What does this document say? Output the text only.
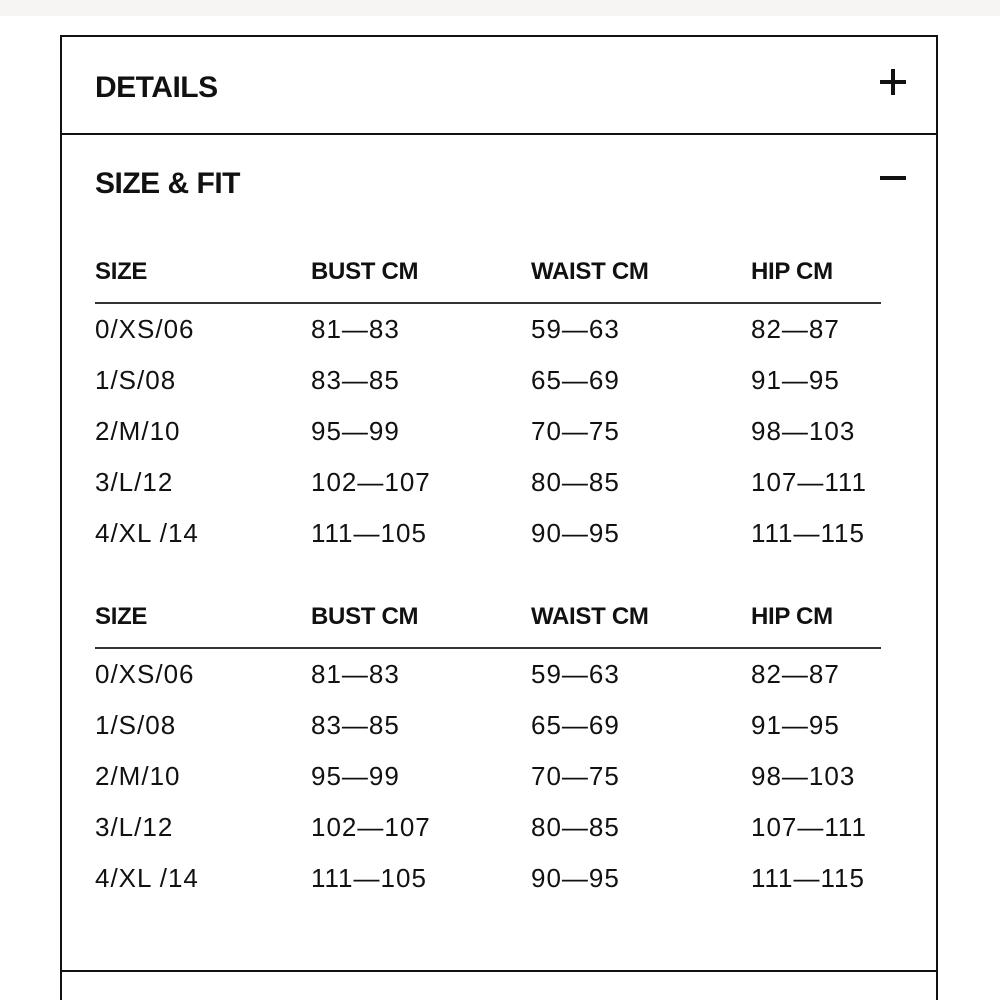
DETAILS
SIZE & FIT
SIZE	BUST CM	WAIST CM	HIP CM
0/XS/06	81—83	59—63	82—87
1/S/08	83—85	65—69	91—95
2/M/10	95—99	70—75	98—103
3/L/12	102—107	80—85	107—111
4/XL /14	111—105	90—95	111—115
SIZE	BUST CM	WAIST CM	HIP CM
0/XS/06	81—83	59—63	82—87
1/S/08	83—85	65—69	91—95
2/M/10	95—99	70—75	98—103
3/L/12	102—107	80—85	107—111
4/XL /14	111—105	90—95	111—115
